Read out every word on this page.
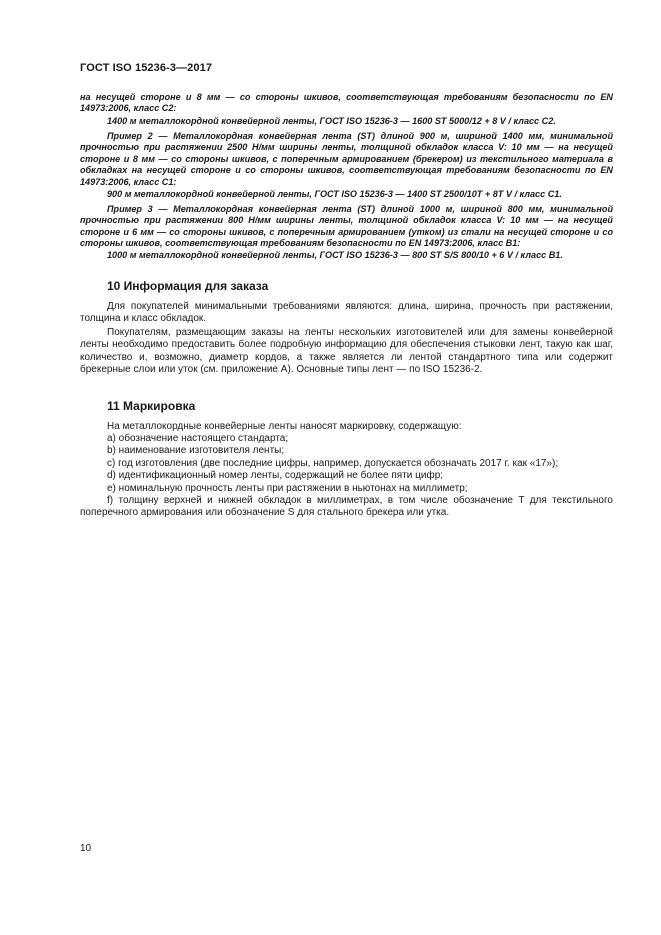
ГОСТ ISO 15236-3—2017

на несущей стороне и 8 мм — со стороны шкивов, соответствующая требованиям безопасности по EN 14973:2006, класс C2:

1400 м металлокордной конвейерной ленты, ГОСТ ISO 15236-3 — 1600 ST 5000/12 + 8 V / класс C2.

Пример 2 — Металлокордная конвейерная лента (ST) длиной 900 м, шириной 1400 мм, минимальной прочностью при растяжении 2500 Н/мм ширины ленты, толщиной обкладок класса V: 10 мм — на несущей стороне и 8 мм — со стороны шкивов, с поперечным армированием (брекером) из текстильного материала в обкладках на несущей стороне и со стороны шкивов, соответствующая требованиям безопасности по EN 14973:2006, класс C1:

900 м металлокордной конвейерной ленты, ГОСТ ISO 15236-3 — 1400 ST 2500/10T + 8T V / класс C1.

Пример 3 — Металлокордная конвейерная лента (ST) длиной 1000 м, шириной 800 мм, минимальной прочностью при растяжении 800 Н/мм ширины ленты, толщиной обкладок класса V: 10 мм — на несущей стороне и 6 мм — со стороны шкивов, с поперечным армированием (утком) из стали на несущей стороне и со стороны шкивов, соответствующая требованиям безопасности по EN 14973:2006, класс B1:

1000 м металлокордной конвейерной ленты, ГОСТ ISO 15236-3 — 800 ST S/S 800/10 + 6 V / класс B1.

10 Информация для заказа

Для покупателей минимальными требованиями являются: длина, ширина, прочность при растяжении, толщина и класс обкладок.

Покупателям, размещающим заказы на ленты нескольких изготовителей или для замены конвейерной ленты необходимо предоставить более подробную информацию для обеспечения стыковки лент, такую как шаг, количество и, возможно, диаметр кордов, а также является ли лентой стандартного типа или содержит брекерные слои или уток (см. приложение А). Основные типы лент — по ISO 15236-2.

11 Маркировка

На металлокордные конвейерные ленты наносят маркировку, содержащую:

a) обозначение настоящего стандарта;

b) наименование изготовителя ленты;

c) год изготовления (две последние цифры, например, допускается обозначать 2017 г. как «17»);

d) идентификационный номер ленты, содержащий не более пяти цифр;

e) номинальную прочность ленты при растяжении в ньютонах на миллиметр;

f) толщину верхней и нижней обкладок в миллиметрах, в том числе обозначение T для текстильного поперечного армирования или обозначение S для стального брекера или утка.

10
